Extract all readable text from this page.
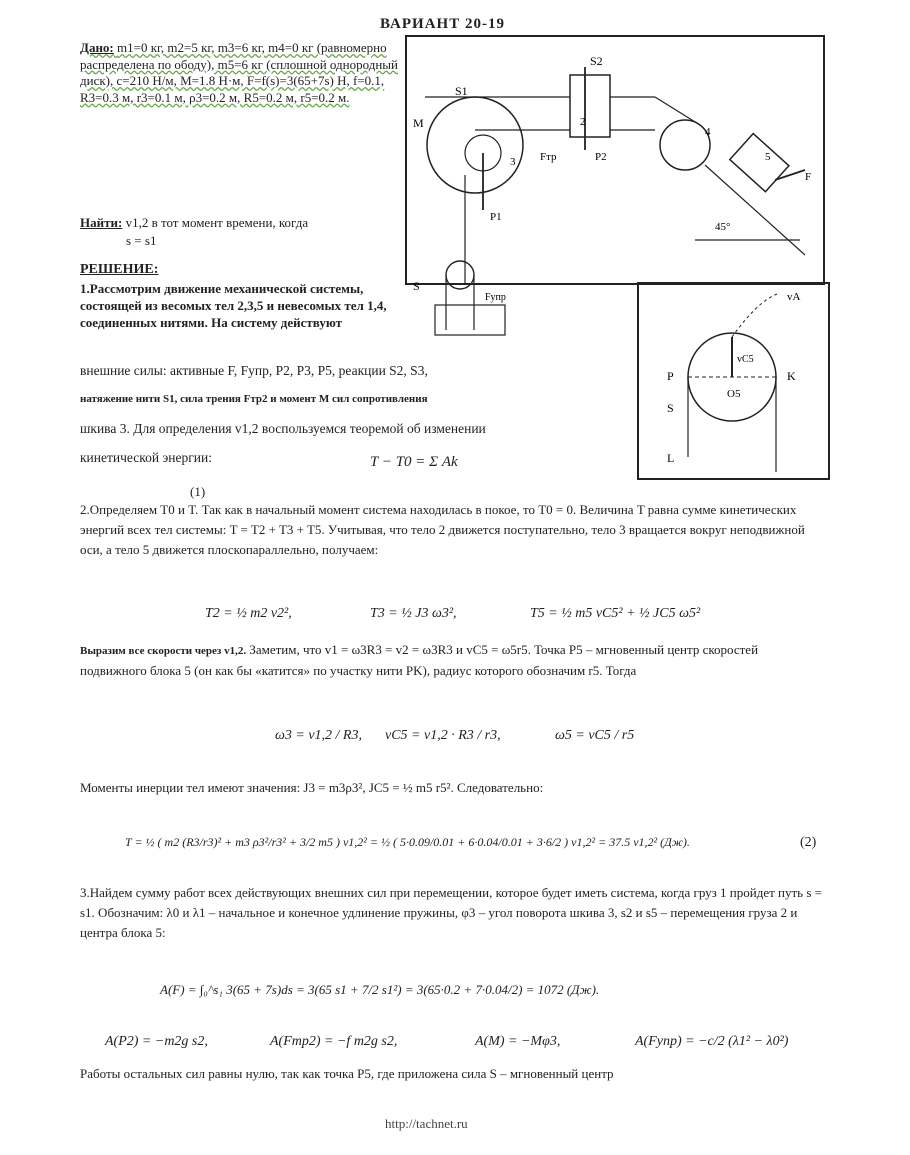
ВАРИАНТ 20-19
Дано: m1=0 кг, m2=5 кг, m3=6 кг, m4=0 кг (равномерно распределена по ободу), m5=6 кг (сплошной однородный диск), c=210 Н/м, M=1.8 Н·м, F=f(s)=3(65+7s) Н, f=0.1, R3=0.3 м, r3=0.1 м, ρ3=0.2 м, R5=0.2 м, r5=0.2 м.
Найти: v1,2 в тот момент времени, когда
s = s1
РЕШЕНИЕ:
1.Рассмотрим движение механической системы, состоящей из весомых тел 2,3,5 и невесомых тел 1,4, соединенных нитями. На систему действуют
внешние силы: активные F, Fупр, P2, P3, P5, реакции S2, S3,
натяжение нити S1, сила трения Fтр2 и момент M сил сопротивления
шкива 3. Для определения v1,2 воспользуемся теоремой об изменении
кинетической энергии:	T − T0 = Σ Ak
(1)
S1
M
S2
P2
Fтр
2
3
4
5
45°
F
P1
S
Fупр
P	K
S
L
O5
vA
vC5
2.Определяем T0 и T. Так как в начальный момент система находилась в покое, то T0 = 0. Величина T равна сумме кинетических энергий всех тел системы: T = T2 + T3 + T5. Учитывая, что тело 2 движется поступательно, тело 3 вращается вокруг неподвижной оси, а тело 5 движется плоскопараллельно, получаем:
T2 = ½ m2 v2²,	T3 = ½ J3 ω3²,	T5 = ½ m5 vC5² + ½ JC5 ω5²
Выразим все скорости через v1,2. Заметим, что v1 = ω3R3 = v2 = ω3R3 и vC5 = ω5r5. Точка P5 – мгновенный центр скоростей подвижного блока 5 (он как бы «катится» по участку нити PK), радиус которого обозначим r5. Тогда
ω3 = v1,2 / R3, vC5 = v1,2 · R3 / r3,	ω5 = vC5 / r5
Моменты инерции тел имеют значения: J3 = m3ρ3², JC5 = ½ m5 r5². Следовательно:
T = ½ ( m2 (R3/r3)² + m3 ρ3²/r3² + 3/2 m5 ) v1,2² = ½ ( 5·0.09/0.01 + 6·0.04/0.01 + 3·6/2 ) v1,2² = 37.5 v1,2² (Дж).	(2)
3.Найдем сумму работ всех действующих внешних сил при перемещении, которое будет иметь система, когда груз 1 пройдет путь s = s1. Обозначим: λ0 и λ1 – начальное и конечное удлинение пружины, φ3 – угол поворота шкива 3, s2 и s5 – перемещения груза 2 и центра блока 5:
A(F) = ∫₀^s₁ 3(65 + 7s)ds = 3(65 s1 + 7/2 s1²) = 3(65·0.2 + 7·0.04/2) = 1072 (Дж).
A(P2) = −m2g s2,	A(Fтр2) = −f m2g s2,	A(M) = −Mφ3,	A(Fупр) = −c/2 (λ1² − λ0²)
Работы остальных сил равны нулю, так как точка P5, где приложена сила S – мгновенный центр
http://tachnet.ru
